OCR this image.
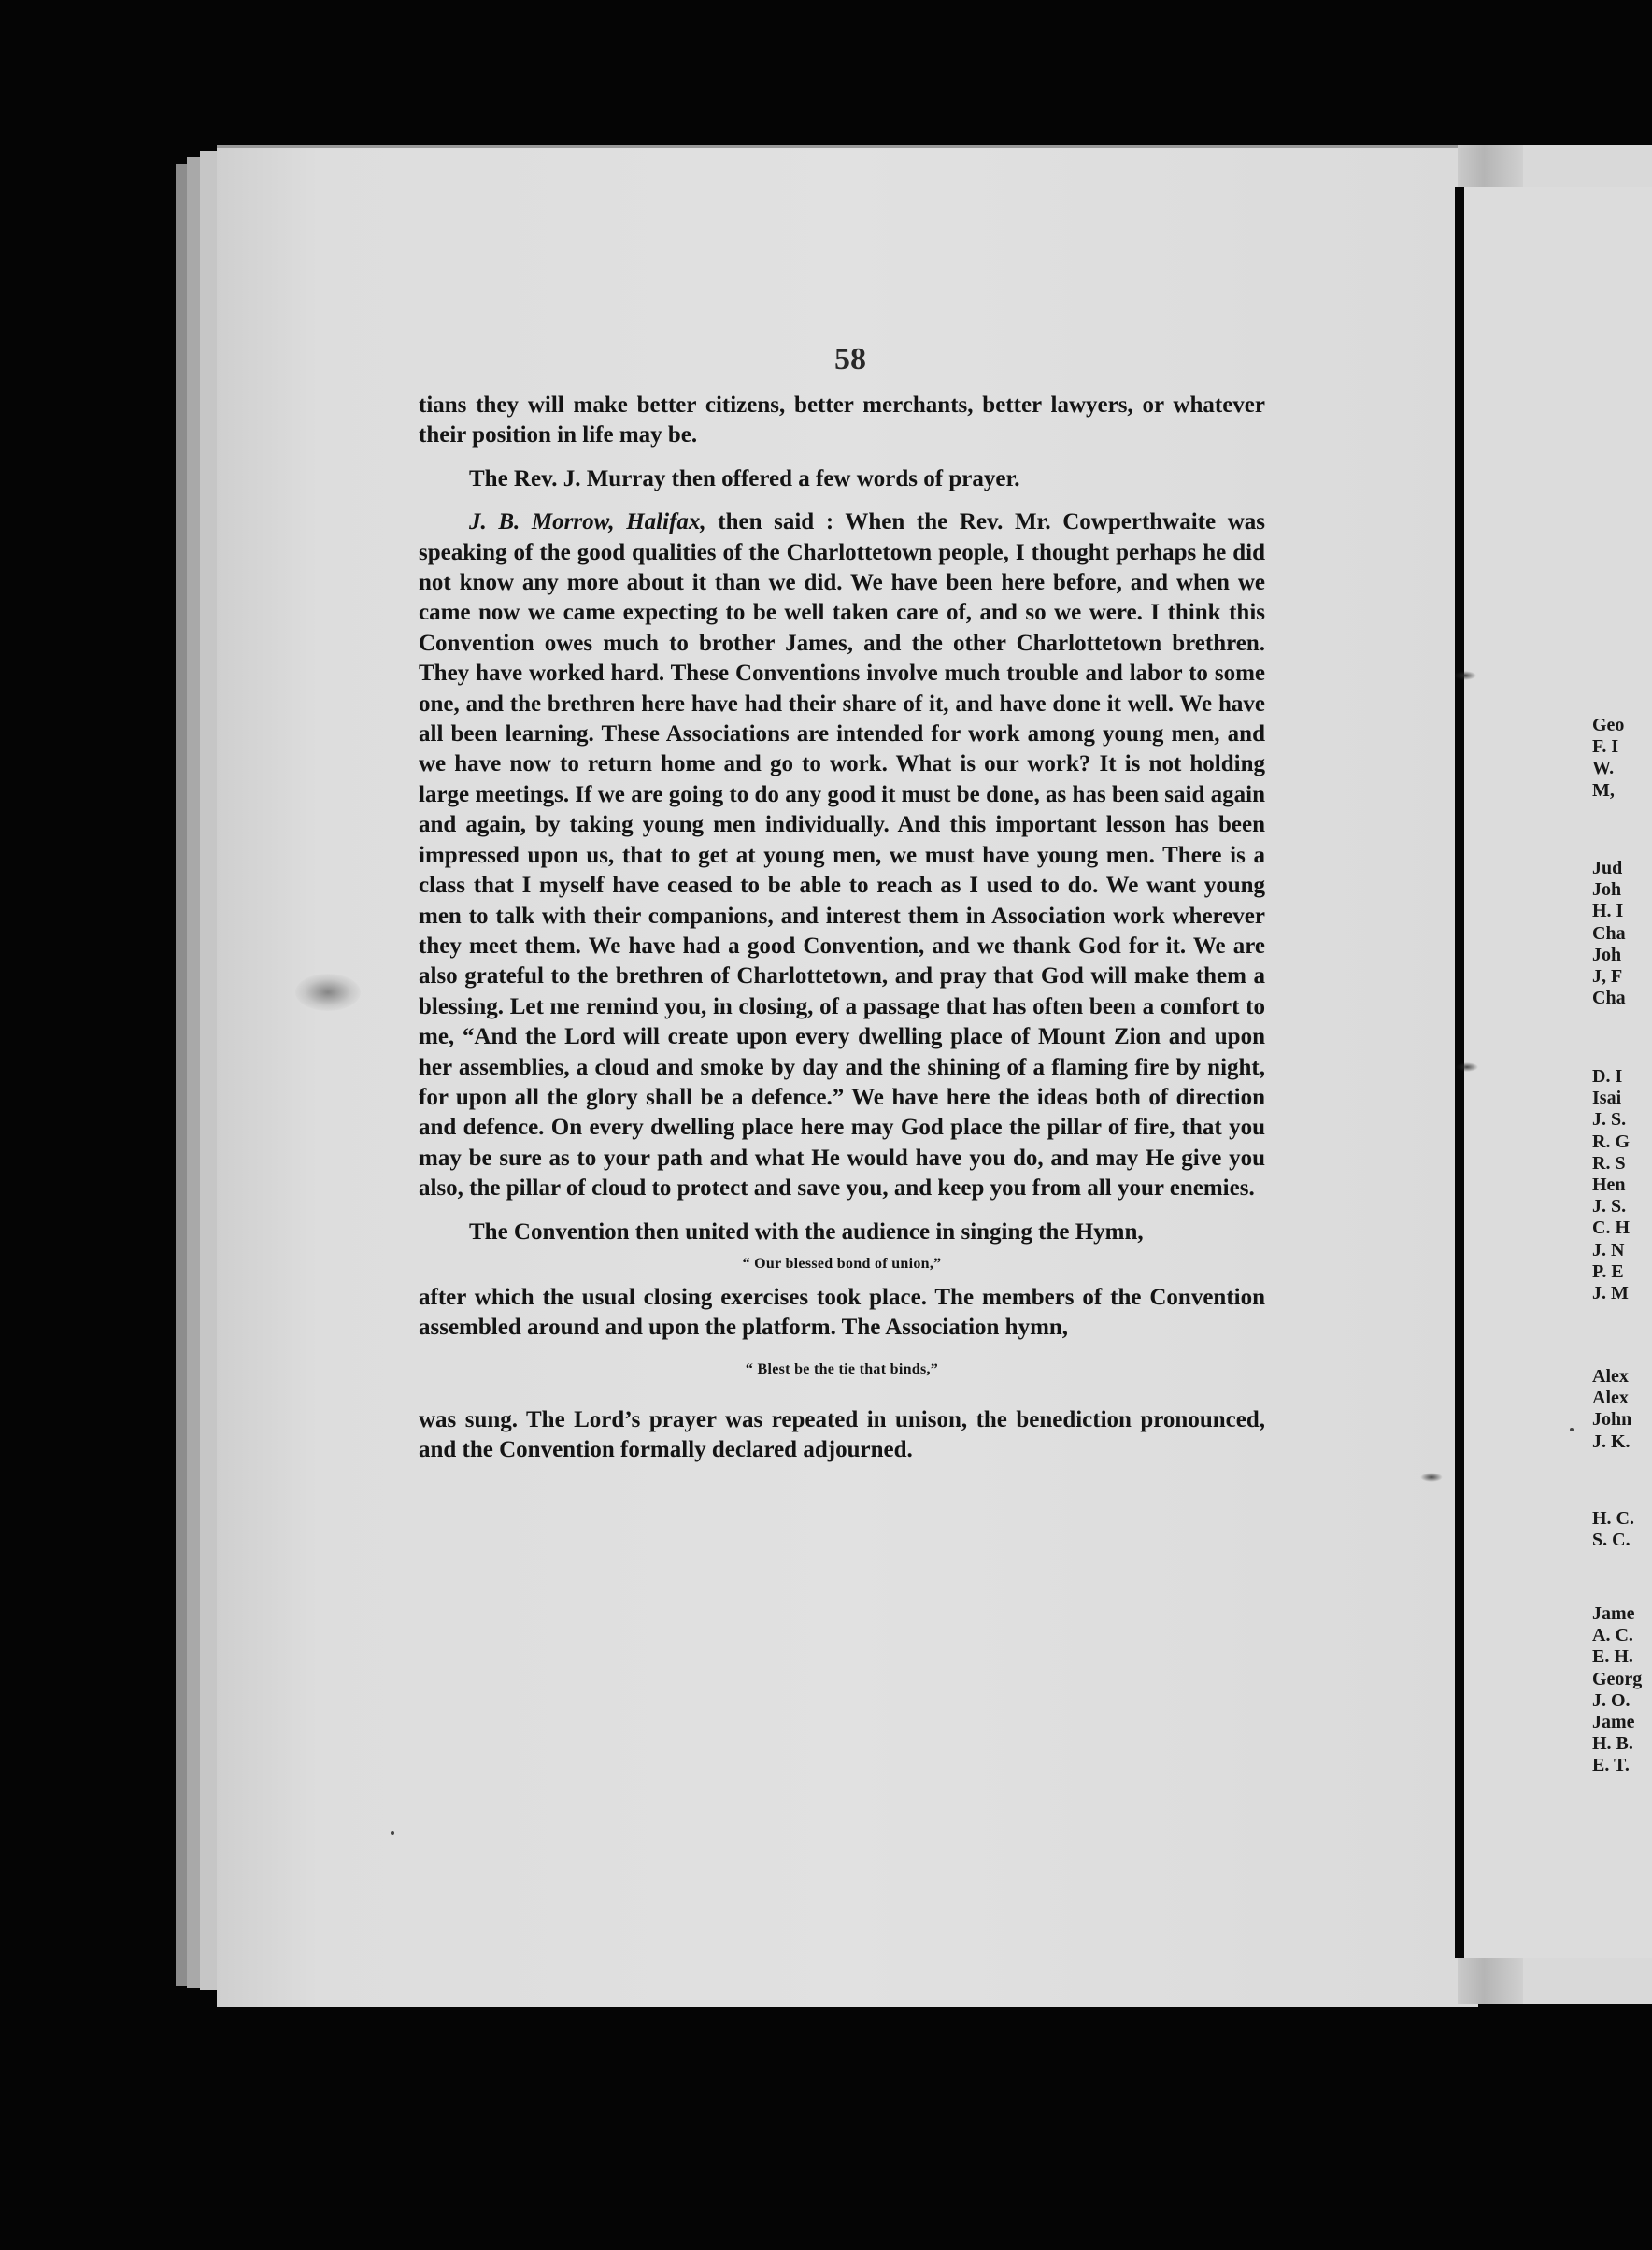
58

tians they will make better citizens, better merchants, better lawyers, or whatever their position in life may be.

The Rev. J. Murray then offered a few words of prayer.

J. B. Morrow, Halifax, then said : When the Rev. Mr. Cowperthwaite was speaking of the good qualities of the Charlottetown people, I thought perhaps he did not know any more about it than we did. We have been here before, and when we came now we came expecting to be well taken care of, and so we were. I think this Convention owes much to brother James, and the other Charlottetown brethren. They have worked hard. These Conventions involve much trouble and labor to some one, and the brethren here have had their share of it, and have done it well. We have all been learning. These Associations are intended for work among young men, and we have now to return home and go to work. What is our work? It is not holding large meetings. If we are going to do any good it must be done, as has been said again and again, by taking young men individually. And this important lesson has been impressed upon us, that to get at young men, we must have young men. There is a class that I myself have ceased to be able to reach as I used to do. We want young men to talk with their companions, and interest them in Association work wherever they meet them. We have had a good Convention, and we thank God for it. We are also grateful to the brethren of Charlottetown, and pray that God will make them a blessing. Let me remind you, in closing, of a passage that has often been a comfort to me, “And the Lord will create upon every dwelling place of Mount Zion and upon her assemblies, a cloud and smoke by day and the shining of a flaming fire by night, for upon all the glory shall be a defence.” We have here the ideas both of direction and defence. On every dwelling place here may God place the pillar of fire, that you may be sure as to your path and what He would have you do, and may He give you also, the pillar of cloud to protect and save you, and keep you from all your enemies.

The Convention then united with the audience in singing the Hymn,

“ Our blessed bond of union,”

after which the usual closing exercises took place. The members of the Convention assembled around and upon the platform. The Association hymn,

“ Blest be the tie that binds,”

was sung. The Lord’s prayer was repeated in unison, the benediction pronounced, and the Convention formally declared adjourned.

Geo
F. I
W.
M,
Jud
Joh
H. I
Cha
Joh
J, F
Cha
D. I
Isai
J. S.
R. G
R. S
Hen
J. S.
C. H
J. N
P. E
J. M
Alex
Alex
John
J. K.
H. C.
S. C.
Jame
A. C.
E. H.
Georg
J. O.
Jame
H. B.
E. T.
